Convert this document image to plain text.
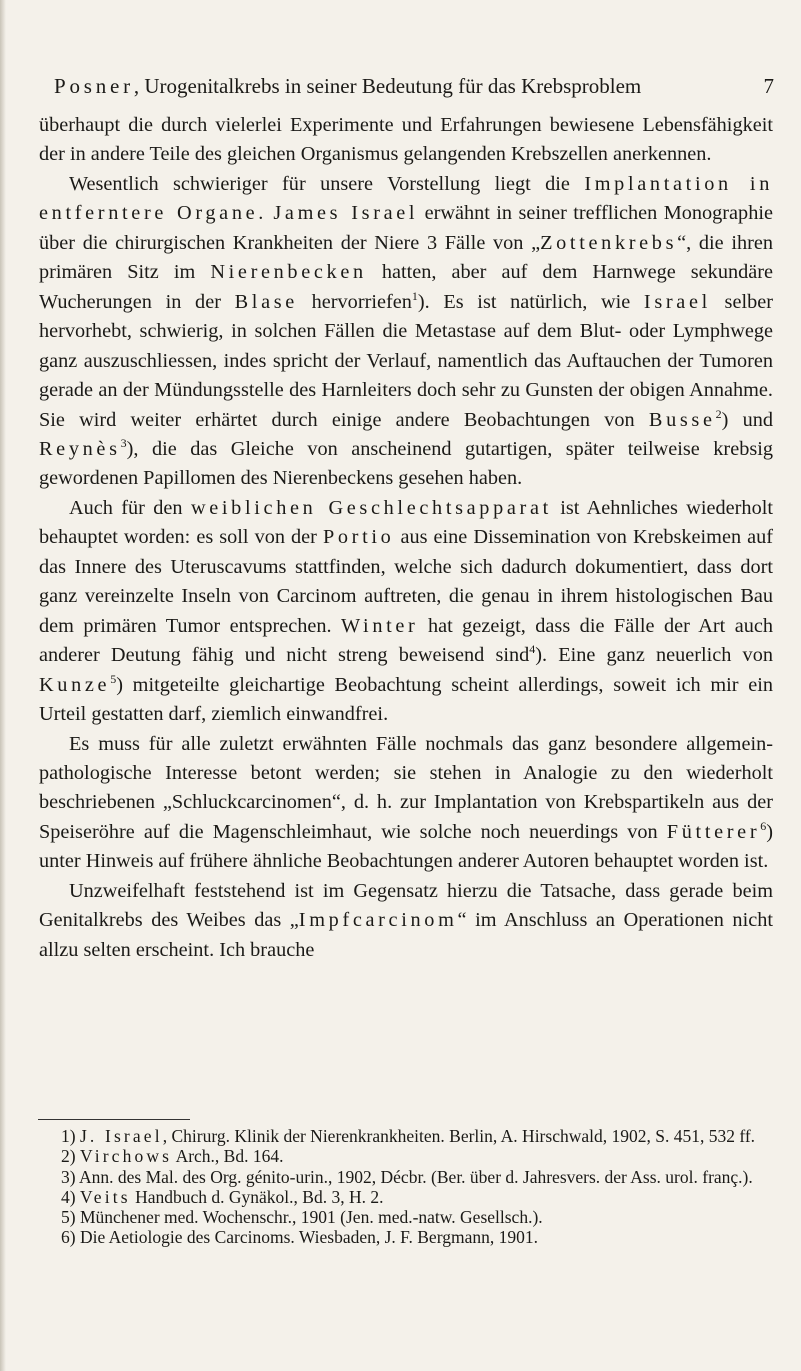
Posner, Urogenitalkrebs in seiner Bedeutung für das Krebsproblem	7

überhaupt die durch vielerlei Experimente und Erfahrungen bewiesene Lebensfähigkeit der in andere Teile des gleichen Organismus gelangenden Krebszellen anerkennen.

Wesentlich schwieriger für unsere Vorstellung liegt die Implantation in entferntere Organe. James Israel erwähnt in seiner trefflichen Monographie über die chirurgischen Krankheiten der Niere 3 Fälle von „Zottenkrebs“, die ihren primären Sitz im Nierenbecken hatten, aber auf dem Harnwege sekundäre Wucherungen in der Blase hervorriefen$^1$). Es ist natürlich, wie Israel selber hervorhebt, schwierig, in solchen Fällen die Metastase auf dem Blut- oder Lymphwege ganz auszuschliessen, indes spricht der Verlauf, namentlich das Auftauchen der Tumoren gerade an der Mündungsstelle des Harnleiters doch sehr zu Gunsten der obigen Annahme. Sie wird weiter erhärtet durch einige andere Beobachtungen von Busse$^2$) und Reynès$^3$), die das Gleiche von anscheinend gutartigen, später teilweise krebsig gewordenen Papillomen des Nierenbeckens gesehen haben.

Auch für den weiblichen Geschlechtsapparat ist Aehnliches wiederholt behauptet worden: es soll von der Portio aus eine Dissemination von Krebskeimen auf das Innere des Uteruscavums stattfinden, welche sich dadurch dokumentiert, dass dort ganz vereinzelte Inseln von Carcinom auftreten, die genau in ihrem histologischen Bau dem primären Tumor entsprechen. Winter hat gezeigt, dass die Fälle der Art auch anderer Deutung fähig und nicht streng beweisend sind$^4$). Eine ganz neuerlich von Kunze$^5$) mitgeteilte gleichartige Beobachtung scheint allerdings, soweit ich mir ein Urteil gestatten darf, ziemlich einwandfrei.

Es muss für alle zuletzt erwähnten Fälle nochmals das ganz besondere allgemein-pathologische Interesse betont werden; sie stehen in Analogie zu den wiederholt beschriebenen „Schluckcarcinomen“, d. h. zur Implantation von Krebspartikeln aus der Speiseröhre auf die Magenschleimhaut, wie solche noch neuerdings von Fütterer$^6$) unter Hinweis auf frühere ähnliche Beobachtungen anderer Autoren behauptet worden ist.

Unzweifelhaft feststehend ist im Gegensatz hierzu die Tatsache, dass gerade beim Genitalkrebs des Weibes das „Impfcarcinom“ im Anschluss an Operationen nicht allzu selten erscheint. Ich brauche

1) J. Israel, Chirurg. Klinik der Nierenkrankheiten. Berlin, A. Hirschwald, 1902, S. 451, 532 ff.

2) Virchows Arch., Bd. 164.

3) Ann. des Mal. des Org. génito-urin., 1902, Décbr. (Ber. über d. Jahresvers. der Ass. urol. franç.).

4) Veits Handbuch d. Gynäkol., Bd. 3, H. 2.

5) Münchener med. Wochenschr., 1901 (Jen. med.-natw. Gesellsch.).

6) Die Aetiologie des Carcinoms. Wiesbaden, J. F. Bergmann, 1901.
